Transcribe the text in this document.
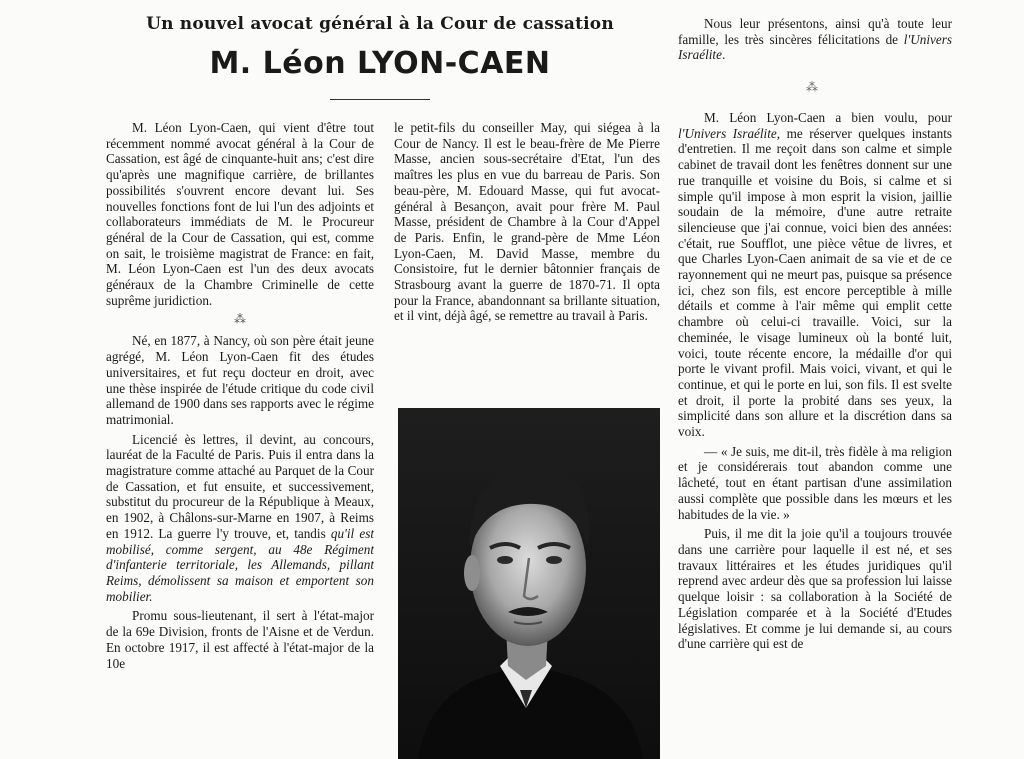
Un nouvel avocat général à la Cour de cassation
M. Léon LYON-CAEN

M. Léon Lyon-Caen, qui vient d'être tout récemment nommé avocat général à la Cour de Cassation, est âgé de cinquante-huit ans; c'est dire qu'après une magnifique carrière, de brillantes possibilités s'ouvrent encore devant lui. Ses nouvelles fonctions font de lui l'un des adjoints et collaborateurs immédiats de M. le Procureur général de la Cour de Cassation, qui est, comme on sait, le troisième magistrat de France: en fait, M. Léon Lyon-Caen est l'un des deux avocats généraux de la Chambre Criminelle de cette suprême juridiction.

⁂

Né, en 1877, à Nancy, où son père était jeune agrégé, M. Léon Lyon-Caen fit des études universitaires, et fut reçu docteur en droit, avec une thèse inspirée de l'étude critique du code civil allemand de 1900 dans ses rapports avec le régime matrimonial.

Licencié ès lettres, il devint, au concours, lauréat de la Faculté de Paris. Puis il entra dans la magistrature comme attaché au Parquet de la Cour de Cassation, et fut ensuite, et successivement, substitut du procureur de la République à Meaux, en 1902, à Châlons-sur-Marne en 1907, à Reims en 1912. La guerre l'y trouve, et, tandis qu'il est mobilisé, comme sergent, au 48e Régiment d'infanterie territoriale, les Allemands, pillant Reims, démolissent sa maison et emportent son mobilier.

Promu sous-lieutenant, il sert à l'état-major de la 69e Division, fronts de l'Aisne et de Verdun. En octobre 1917, il est affecté à l'état-major de la 10e

le petit-fils du conseiller May, qui siégea à la Cour de Nancy. Il est le beau-frère de Me Pierre Masse, ancien sous-secrétaire d'Etat, l'un des maîtres les plus en vue du barreau de Paris. Son beau-père, M. Edouard Masse, qui fut avocat-général à Besançon, avait pour frère M. Paul Masse, président de Chambre à la Cour d'Appel de Paris. Enfin, le grand-père de Mme Léon Lyon-Caen, M. David Masse, membre du Consistoire, fut le dernier bâtonnier français de Strasbourg avant la guerre de 1870-71. Il opta pour la France, abandonnant sa brillante situation, et il vint, déjà âgé, se remettre au travail à Paris.

Nous leur présentons, ainsi qu'à toute leur famille, les très sincères félicitations de l'Univers Israélite.

⁂

M. Léon Lyon-Caen a bien voulu, pour l'Univers Israélite, me réserver quelques instants d'entretien. Il me reçoit dans son calme et simple cabinet de travail dont les fenêtres donnent sur une rue tranquille et voisine du Bois, si calme et si simple qu'il impose à mon esprit la vision, jaillie soudain de la mémoire, d'une autre retraite silencieuse que j'ai connue, voici bien des années: c'était, rue Soufflot, une pièce vêtue de livres, et que Charles Lyon-Caen animait de sa vie et de ce rayonnement qui ne meurt pas, puisque sa présence ici, chez son fils, est encore perceptible à mille détails et comme à l'air même qui emplit cette chambre où celui-ci travaille. Voici, sur la cheminée, le visage lumineux où la bonté luit, voici, toute récente encore, la médaille d'or qui porte le vivant profil. Mais voici, vivant, et qui le continue, et qui le porte en lui, son fils. Il est svelte et droit, il porte la probité dans ses yeux, la simplicité dans son allure et la discrétion dans sa voix.

— « Je suis, me dit-il, très fidèle à ma religion et je considérerais tout abandon comme une lâcheté, tout en étant partisan d'une assimilation aussi complète que possible dans les mœurs et les habitudes de la vie. »

Puis, il me dit la joie qu'il a toujours trouvée dans une carrière pour laquelle il est né, et ses travaux littéraires et les études juridiques qu'il reprend avec ardeur dès que sa profession lui laisse quelque loisir : sa collaboration à la Société de Législation comparée et à la Société d'Etudes législatives. Et comme je lui demande si, au cours d'une carrière qui est de
